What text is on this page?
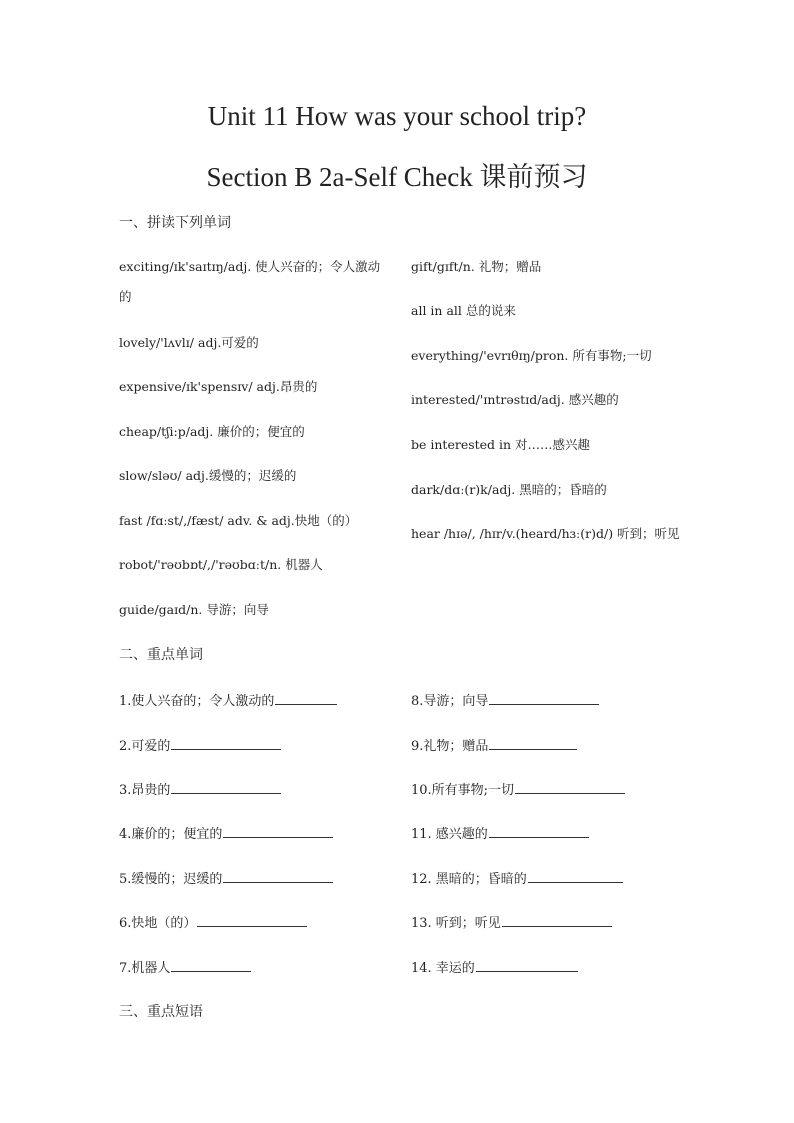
Unit 11 How was your school trip?
Section B 2a-Self Check 课前预习
一、拼读下列单词
exciting/ɪk'saɪtɪŋ/adj. 使人兴奋的；令人激动的
lovely/'lʌvlɪ/ adj.可爱的
expensive/ɪk'spensɪv/ adj.昂贵的
cheap/tʃi:p/adj. 廉价的；便宜的
slow/sləʊ/ adj.缓慢的；迟缓的
fast /fɑːst/,/fæst/ adv. & adj.快地（的）
robot/'rəʊbɒt/,/'rəʊbɑːt/n. 机器人
guide/gaɪd/n. 导游；向导
gift/gɪft/n. 礼物；赠品
all in all 总的说来
everything/'evrɪθɪŋ/pron. 所有事物;一切
interested/'ɪntrəstɪd/adj. 感兴趣的
be interested in 对……感兴趣
dark/dɑː(r)k/adj. 黑暗的；昏暗的
hear /hɪə/, /hɪr/v.(heard/hɜː(r)d/) 听到；听见
二、重点单词
1.使人兴奋的；令人激动的
2.可爱的
3.昂贵的
4.廉价的；便宜的
5.缓慢的；迟缓的
6.快地（的）
7.机器人
8.导游；向导
9.礼物；赠品
10.所有事物;一切
11. 感兴趣的
12. 黑暗的；昏暗的
13. 听到；听见
14. 幸运的
三、重点短语
